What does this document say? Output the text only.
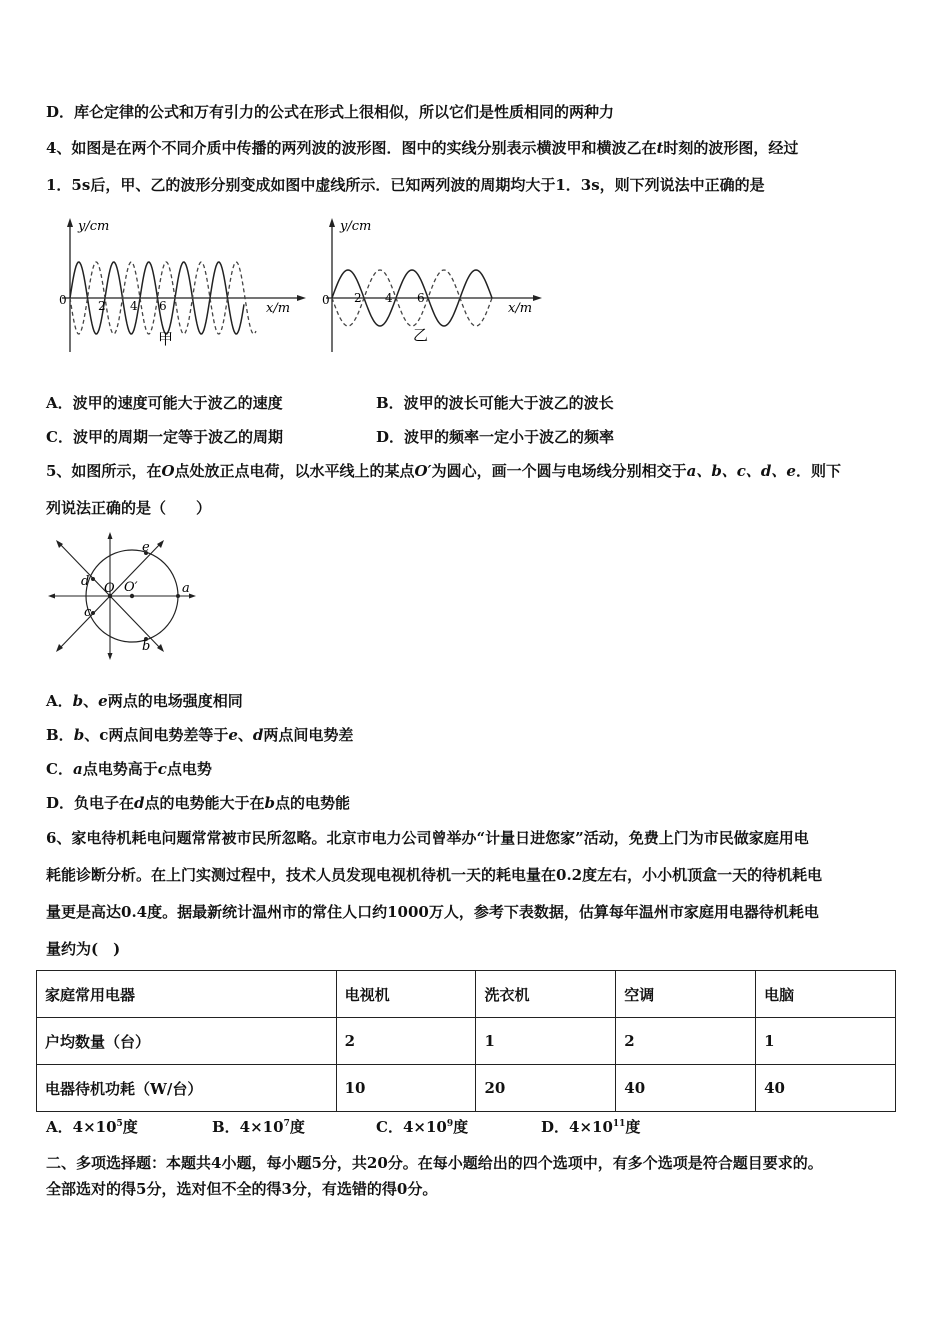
D．库仑定律的公式和万有引力的公式在形式上很相似，所以它们是性质相同的两种力
4、如图是在两个不同介质中传播的两列波的波形图．图中的实线分别表示横波甲和横波乙在t时刻的波形图，经过
1．5s后，甲、乙的波形分别变成如图中虚线所示．已知两列波的周期均大于1．3s，则下列说法中正确的是
y/cm
x/m
0	2 4 6
甲
y/cm
x/m
0 2 4 6
乙
A．波甲的速度可能大于波乙的速度	B．波甲的波长可能大于波乙的波长
C．波甲的周期一定等于波乙的周期	D．波甲的频率一定小于波乙的频率
5、如图所示，在O点处放正点电荷，以水平线上的某点O′为圆心，画一个圆与电场线分别相交于a、b、c、d、e．则下
列说法正确的是（　　）
O O′	a
b
c
d
e
A．b、e两点的电场强度相同
B．b、c两点间电势差等于e、d两点间电势差
C．a点电势高于c点电势
D．负电子在d点的电势能大于在b点的电势能
6、家电待机耗电问题常常被市民所忽略。北京市电力公司曾举办“计量日进您家”活动，免费上门为市民做家庭用电
耗能诊断分析。在上门实测过程中，技术人员发现电视机待机一天的耗电量在0.2度左右，小小机顶盒一天的待机耗电
量更是高达0.4度。据最新统计温州市的常住人口约1000万人，参考下表数据，估算每年温州市家庭用电器待机耗电
量约为(　)
家庭常用电器	电视机	洗衣机	空调	电脑
户均数量（台）	2	1	2	1
电器待机功耗（W/台）	10	20	40	40
A．$4\times 10^5$度	B．$4\times 10^7$度	C．$4\times 10^9$度	D．$4\times 10^{11}$度
二、多项选择题：本题共4小题，每小题5分，共20分。在每小题给出的四个选项中，有多个选项是符合题目要求的。
全部选对的得5分，选对但不全的得3分，有选错的得0分。
